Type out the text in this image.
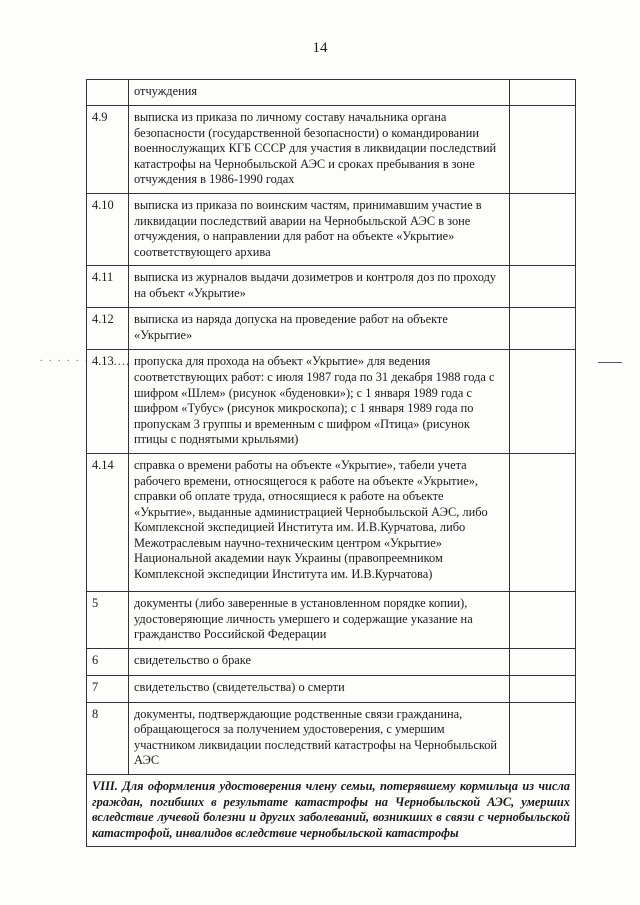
14
. . . . . .
	отчуждения	
4.9	выписка из приказа по личному составу начальника органа безопасности (государственной безопасности) о командировании военнослужащих КГБ СССР для участия в ликвидации последствий катастрофы на Чернобыльской АЭС и сроках пребывания в зоне отчуждения в 1986-1990 годах	
4.10	выписка из приказа по воинским частям, принимавшим участие в ликвидации последствий аварии на Чернобыльской АЭС в зоне отчуждения, о направлении для работ на объекте «Укрытие» соответствующего архива	
4.11	выписка из журналов выдачи дозиметров и контроля доз по проходу на объект «Укрытие»	
4.12	выписка из наряда допуска на проведение работ на объекте «Укрытие»	
4.13....	пропуска для прохода на объект «Укрытие» для ведения соответствующих работ: с июля 1987 года по 31 декабря 1988 года с шифром «Шлем» (рисунок «буденовки»); с 1 января 1989 года с шифром «Тубус» (рисунок микроскопа); с 1 января 1989 года по пропускам 3 группы и временным с шифром «Птица» (рисунок птицы с поднятыми крыльями)	
4.14	справка о времени работы на объекте «Укрытие», табели учета рабочего времени, относящегося к работе на объекте «Укрытие», справки об оплате труда, относящиеся к работе на объекте «Укрытие», выданные администрацией Чернобыльской АЭС, либо Комплексной экспедицией Института им. И.В.Курчатова, либо Межотраслевым научно-техническим центром «Укрытие» Национальной академии наук Украины (правопреемником Комплексной экспедиции Института им. И.В.Курчатова)	
5	документы (либо заверенные в установленном порядке копии), удостоверяющие личность умершего и содержащие указание на гражданство Российской Федерации	
6	свидетельство о браке	
7	свидетельство (свидетельства) о смерти	
8	документы, подтверждающие родственные связи гражданина, обращающегося за получением удостоверения, с умершим участником ликвидации последствий катастрофы на Чернобыльской АЭС	
VIII. Для оформления удостоверения члену семьи, потерявшему кормильца из числа граждан, погибших в результате катастрофы на Чернобыльской АЭС, умерших вследствие лучевой болезни и других заболеваний, возникших в связи с чернобыльской катастрофой, инвалидов вследствие чернобыльской катастрофы		
